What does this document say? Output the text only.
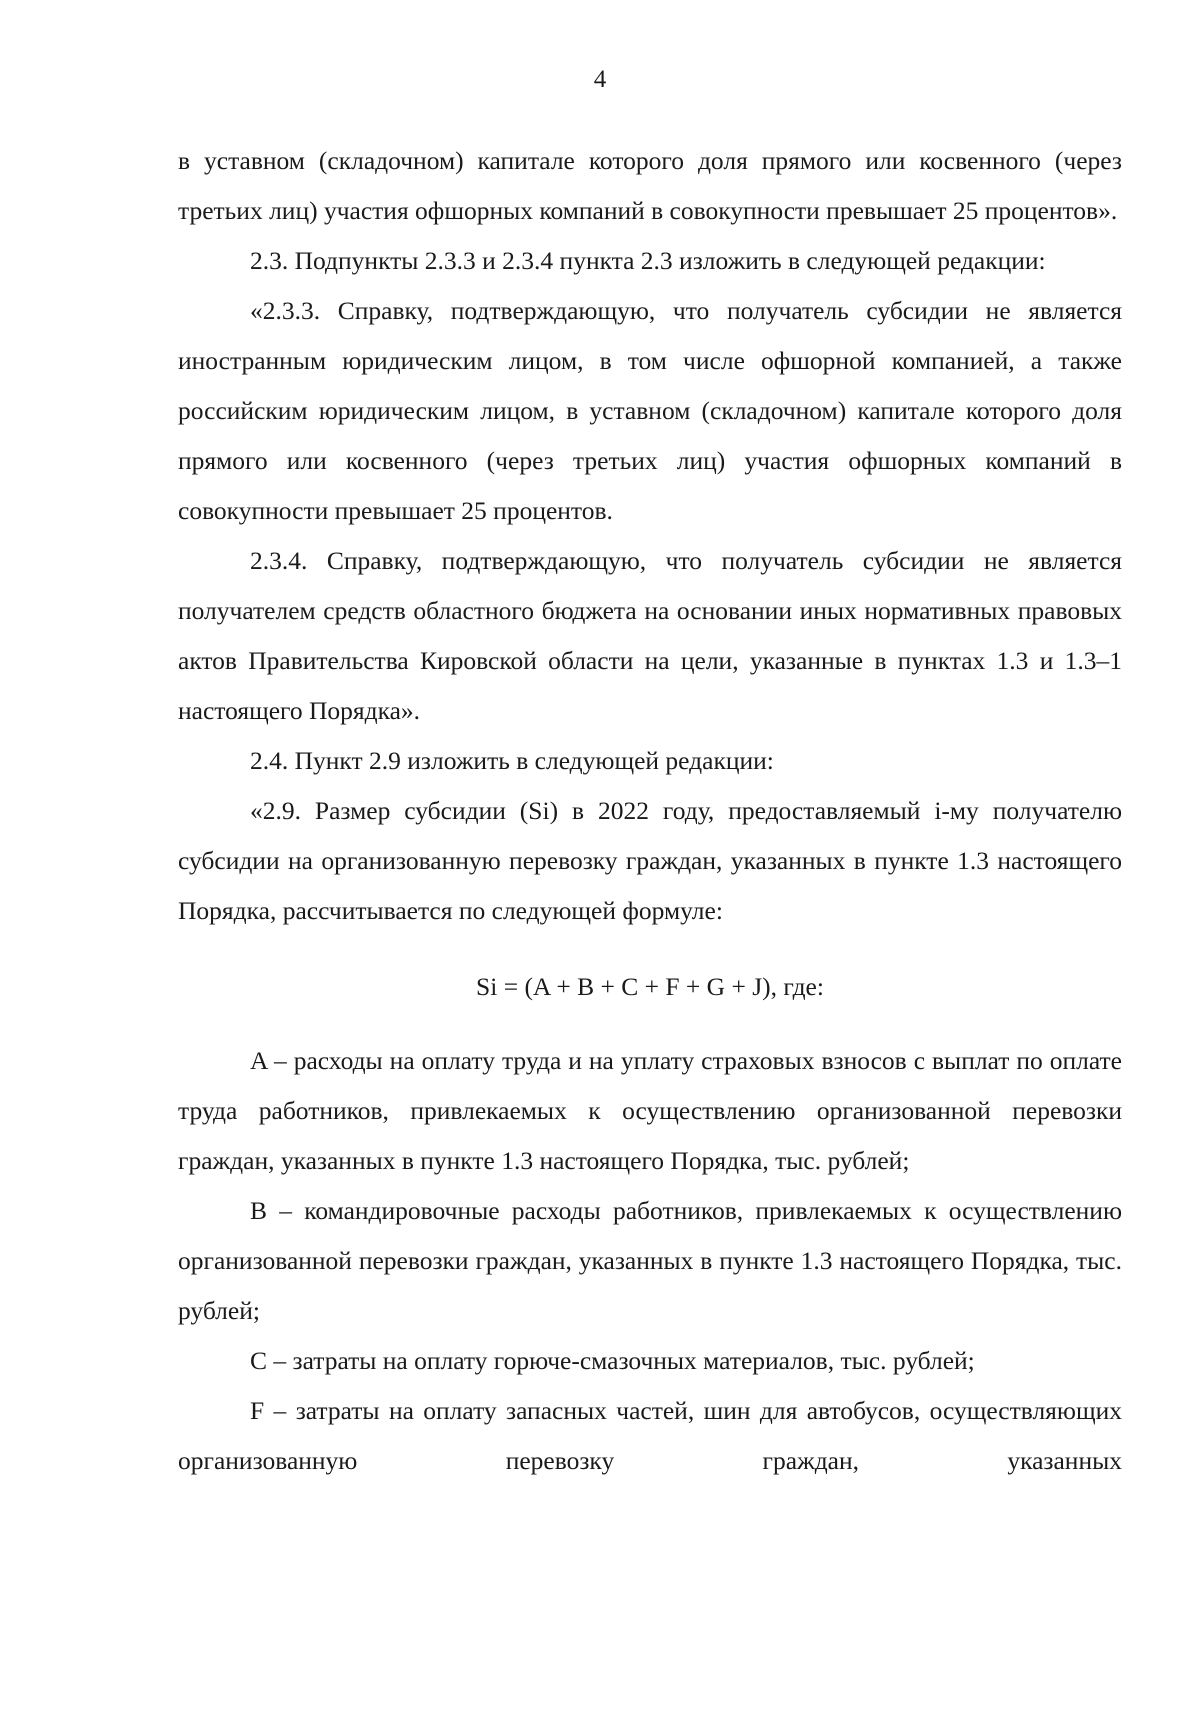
4

в уставном (складочном) капитале которого доля прямого или косвенного (через третьих лиц) участия офшорных компаний в совокупности превышает 25 процентов».

2.3. Подпункты 2.3.3 и 2.3.4 пункта 2.3 изложить в следующей редакции:

«2.3.3. Справку, подтверждающую, что получатель субсидии не является иностранным юридическим лицом, в том числе офшорной компанией, а также российским юридическим лицом, в уставном (складочном) капитале которого доля прямого или косвенного (через третьих лиц) участия офшорных компаний в совокупности превышает 25 процентов.

2.3.4. Справку, подтверждающую, что получатель субсидии не является получателем средств областного бюджета на основании иных нормативных правовых актов Правительства Кировской области на цели, указанные в пунктах 1.3 и 1.3–1 настоящего Порядка».

2.4. Пункт 2.9 изложить в следующей редакции:

«2.9. Размер субсидии (Si) в 2022 году, предоставляемый i-му получателю субсидии на организованную перевозку граждан, указанных в пункте 1.3 настоящего Порядка, рассчитывается по следующей формуле:

Si = (A + B + C + F + G + J), где:

A – расходы на оплату труда и на уплату страховых взносов с выплат по оплате труда работников, привлекаемых к осуществлению организованной перевозки граждан, указанных в пункте 1.3 настоящего Порядка, тыс. рублей;

B – командировочные расходы работников, привлекаемых к осуществлению организованной перевозки граждан, указанных в пункте 1.3 настоящего Порядка, тыс. рублей;

C – затраты на оплату горюче-смазочных материалов, тыс. рублей;

F – затраты на оплату запасных частей, шин для автобусов, осуществляющих организованную перевозку граждан, указанных
